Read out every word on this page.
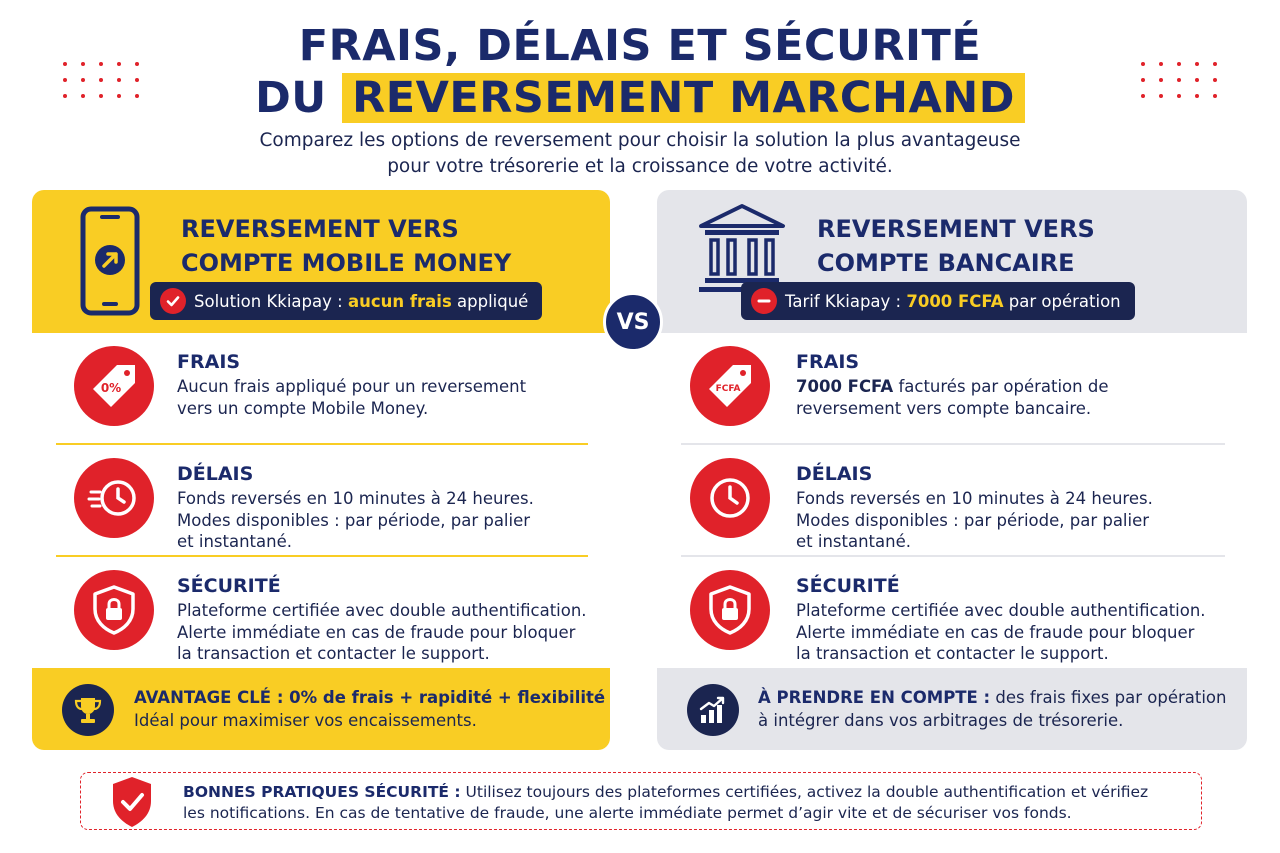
FRAIS, DÉLAIS ET SÉCURITÉ
DU REVERSEMENT MARCHAND
Comparez les options de reversement pour choisir la solution la plus avantageuse
pour votre trésorerie et la croissance de votre activité.
REVERSEMENT VERS
COMPTE MOBILE MONEY
Solution Kkiapay : aucun frais appliqué
0%
FRAIS

Aucun frais appliqué pour un reversement

vers un compte Mobile Money.

DÉLAIS

Fonds reversés en 10 minutes à 24 heures.

Modes disponibles : par période, par palier

et instantané.

SÉCURITÉ

Plateforme certifiée avec double authentification.

Alerte immédiate en cas de fraude pour bloquer

la transaction et contacter le support.

AVANTAGE CLÉ : 0% de frais + rapidité + flexibilité
Idéal pour maximiser vos encaissements.
VS
REVERSEMENT VERS
COMPTE BANCAIRE
Tarif Kkiapay : 7000 FCFA par opération
FCFA
FRAIS

7000 FCFA facturés par opération de

reversement vers compte bancaire.

DÉLAIS

Fonds reversés en 10 minutes à 24 heures.

Modes disponibles : par période, par palier

et instantané.

SÉCURITÉ

Plateforme certifiée avec double authentification.

Alerte immédiate en cas de fraude pour bloquer

la transaction et contacter le support.

À PRENDRE EN COMPTE : des frais fixes par opération
à intégrer dans vos arbitrages de trésorerie.
BONNES PRATIQUES SÉCURITÉ : Utilisez toujours des plateformes certifiées, activez la double authentification et vérifiez
les notifications. En cas de tentative de fraude, une alerte immédiate permet d’agir vite et de sécuriser vos fonds.
